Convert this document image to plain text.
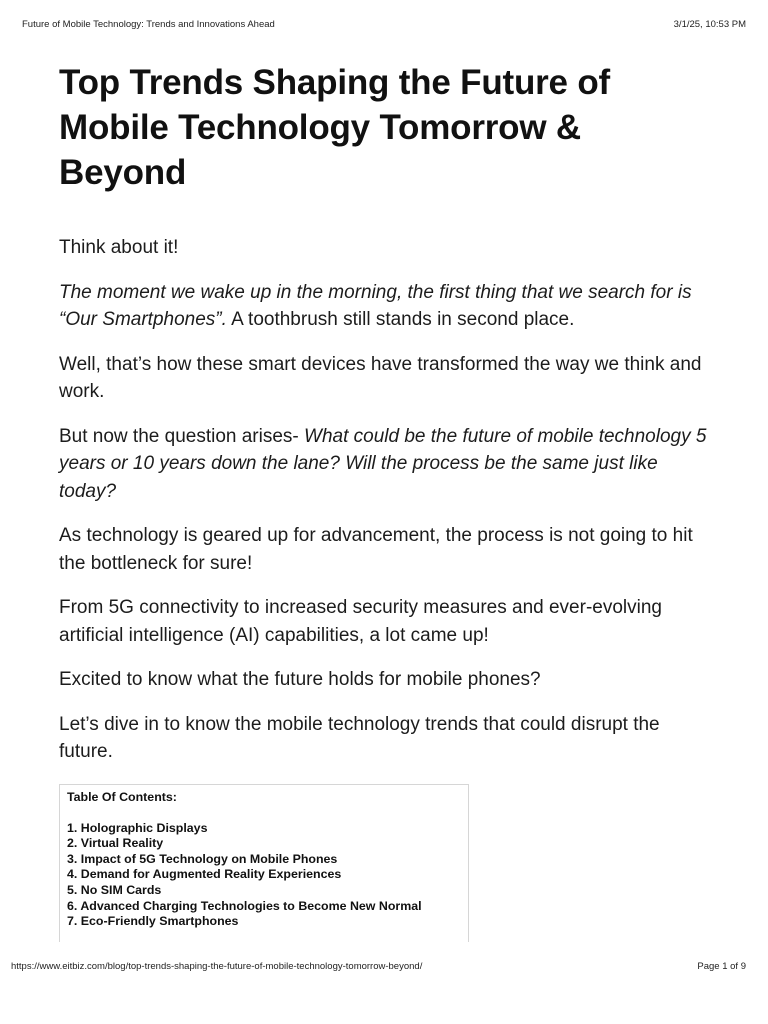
Future of Mobile Technology: Trends and Innovations Ahead	3/1/25, 10:53 PM
Top Trends Shaping the Future of Mobile Technology Tomorrow & Beyond

Think about it!

The moment we wake up in the morning, the first thing that we search for is “Our Smartphones”. A toothbrush still stands in second place.

Well, that’s how these smart devices have transformed the way we think and work.

But now the question arises- What could be the future of mobile technology 5 years or 10 years down the lane? Will the process be the same just like today?

As technology is geared up for advancement, the process is not going to hit the bottleneck for sure!

From 5G connectivity to increased security measures and ever-evolving artificial intelligence (AI) capabilities, a lot came up!

Excited to know what the future holds for mobile phones?

Let’s dive in to know the mobile technology trends that could disrupt the future.

Table Of Contents:
1. Holographic Displays
2. Virtual Reality
3. Impact of 5G Technology on Mobile Phones
4. Demand for Augmented Reality Experiences
5. No SIM Cards
6. Advanced Charging Technologies to Become New Normal
7. Eco-Friendly Smartphones
https://www.eitbiz.com/blog/top-trends-shaping-the-future-of-mobile-technology-tomorrow-beyond/	Page 1 of 9
